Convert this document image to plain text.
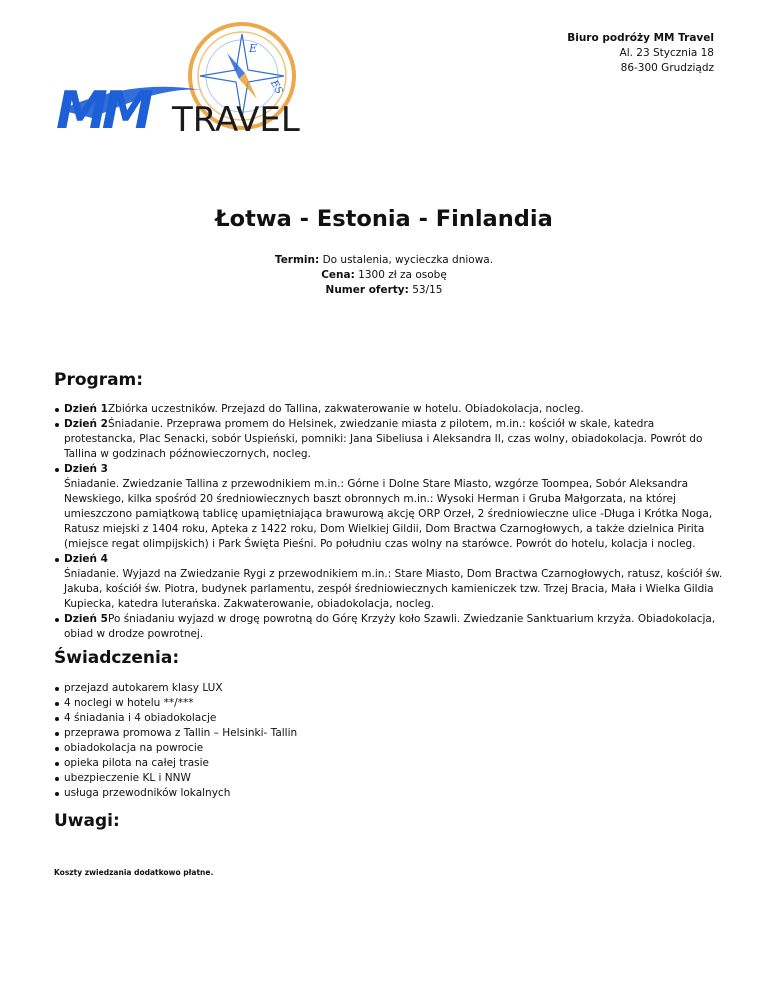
Biuro podróży MM Travel
Al. 23 Stycznia 18
86-300 Grudziądz
E
ES
MM TRAVEL
Łotwa - Estonia - Finlandia
Termin: Do ustalenia, wycieczka dniowa.
Cena: 1300 zł za osobę
Numer oferty: 53/15
Program:
Dzień 1Zbiórka uczestników. Przejazd do Tallina, zakwaterowanie w hotelu. Obiadokolacja, nocleg.
Dzień 2Śniadanie. Przeprawa promem do Helsinek, zwiedzanie miasta z pilotem, m.in.: kościół w skale, katedra protestancka, Plac Senacki, sobór Uspieński, pomniki: Jana Sibeliusa i Aleksandra II, czas wolny, obiadokolacja. Powrót do Tallina w godzinach późnowieczornych, nocleg.
Dzień 3
Śniadanie. Zwiedzanie Tallina z przewodnikiem m.in.: Górne i Dolne Stare Miasto, wzgórze Toompea, Sobór Aleksandra Newskiego, kilka spośród 20 średniowiecznych baszt obronnych m.in.: Wysoki Herman i Gruba Małgorzata, na której umieszczono pamiątkową tablicę upamiętniająca brawurową akcję ORP Orzeł, 2 średniowieczne ulice -Długa i Krótka Noga, Ratusz miejski z 1404 roku, Apteka z 1422 roku, Dom Wielkiej Gildii, Dom Bractwa Czarnogłowych, a także dzielnica Pirita (miejsce regat olimpijskich) i Park Święta Pieśni. Po południu czas wolny na starówce. Powrót do hotelu, kolacja i nocleg.
Dzień 4
Śniadanie. Wyjazd na Zwiedzanie Rygi z przewodnikiem m.in.: Stare Miasto, Dom Bractwa Czarnogłowych, ratusz, kościół św. Jakuba, kościół św. Piotra, budynek parlamentu, zespół średniowiecznych kamieniczek tzw. Trzej Bracia, Mała i Wielka Gildia Kupiecka, katedra luterańska. Zakwaterowanie, obiadokolacja, nocleg.
Dzień 5Po śniadaniu wyjazd w drogę powrotną do Górę Krzyży koło Szawli. Zwiedzanie Sanktuarium krzyża. Obiadokolacja, obiad w drodze powrotnej.
Świadczenia:
przejazd autokarem klasy LUX
4 noclegi w hotelu **/***
4 śniadania i 4 obiadokolacje
przeprawa promowa z Tallin – Helsinki- Tallin
obiadokolacja na powrocie
opieka pilota na całej trasie
ubezpieczenie KL i NNW
usługa przewodników lokalnych
Uwagi:
Koszty zwiedzania dodatkowo płatne.
